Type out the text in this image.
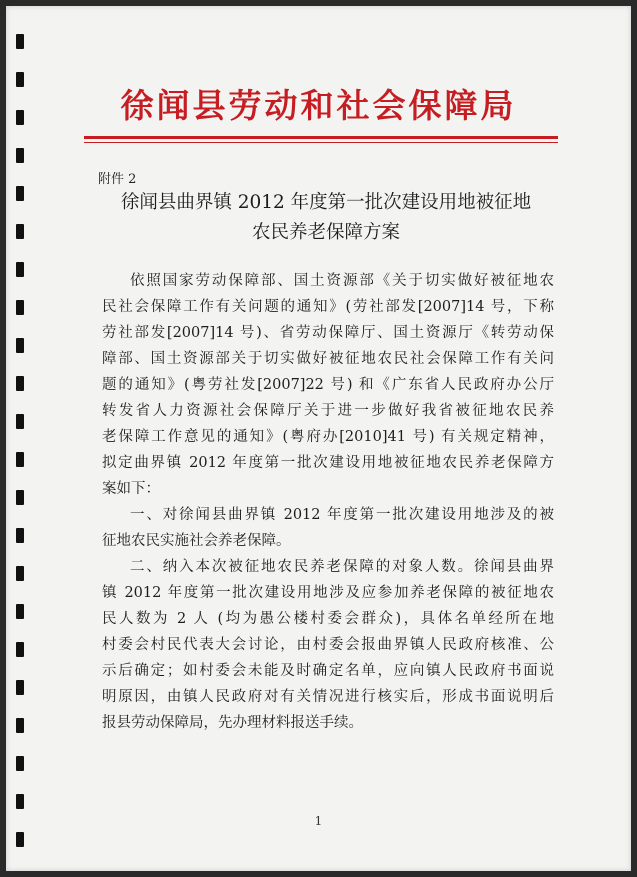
徐闻县劳动和社会保障局
附件 2
徐闻县曲界镇 2012 年度第一批次建设用地被征地
农民养老保障方案
依照国家劳动保障部、国土资源部《关于切实做好被征地农
民社会保障工作有关问题的通知》(劳社部发[2007]14 号，下称
劳社部发[2007]14 号)、省劳动保障厅、国土资源厅《转劳动保
障部、国土资源部关于切实做好被征地农民社会保障工作有关问
题的通知》(粤劳社发[2007]22 号) 和《广东省人民政府办公厅
转发省人力资源社会保障厅关于进一步做好我省被征地农民养
老保障工作意见的通知》(粤府办[2010]41 号) 有关规定精神，
拟定曲界镇 2012 年度第一批次建设用地被征地农民养老保障方
案如下：
一、对徐闻县曲界镇 2012 年度第一批次建设用地涉及的被
征地农民实施社会养老保障。
二、纳入本次被征地农民养老保障的对象人数。徐闻县曲界
镇 2012 年度第一批次建设用地涉及应参加养老保障的被征地农
民人数为 2 人 (均为愚公楼村委会群众)，具体名单经所在地
村委会村民代表大会讨论，由村委会报曲界镇人民政府核准、公
示后确定；如村委会未能及时确定名单，应向镇人民政府书面说
明原因，由镇人民政府对有关情况进行核实后，形成书面说明后
报县劳动保障局，先办理材料报送手续。
1
